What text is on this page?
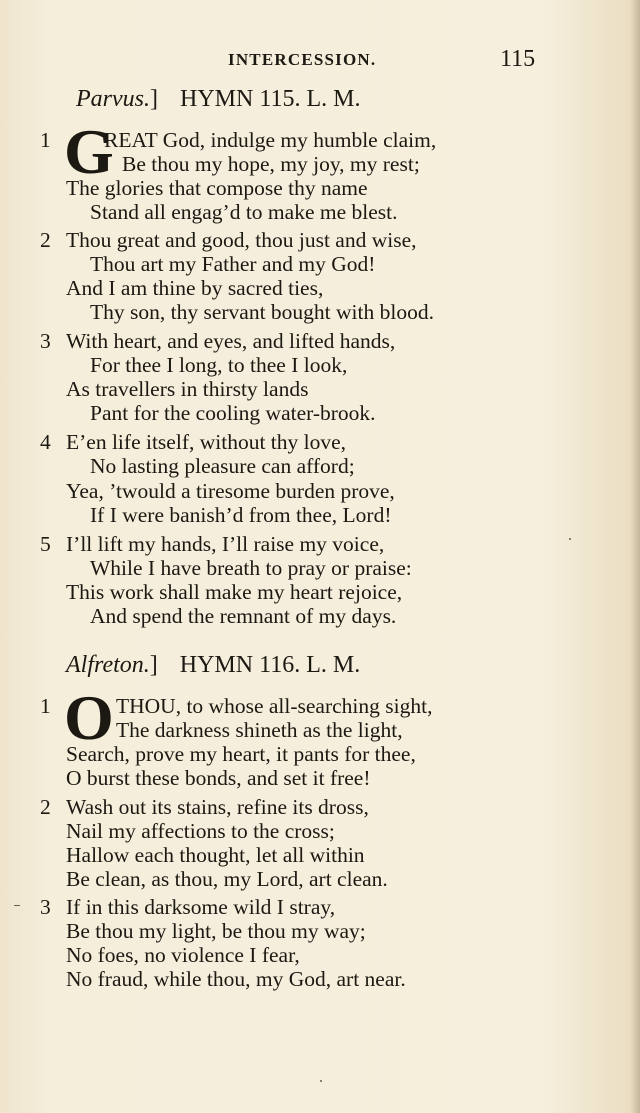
INTERCESSION.	115
Parvus.] HYMN 115. L. M.
G
1 REAT God, indulge my humble claim,
Be thou my hope, my joy, my rest;
The glories that compose thy name
Stand all engag’d to make me blest.
2 Thou great and good, thou just and wise,
Thou art my Father and my God!
And I am thine by sacred ties,
Thy son, thy servant bought with blood.
3 With heart, and eyes, and lifted hands,
For thee I long, to thee I look,
As travellers in thirsty lands
Pant for the cooling water-brook.
4 E’en life itself, without thy love,
No lasting pleasure can afford;
Yea, ’twould a tiresome burden prove,
If I were banish’d from thee, Lord!
5 I’ll lift my hands, I’ll raise my voice,
While I have breath to pray or praise:
This work shall make my heart rejoice,
And spend the remnant of my days.
Alfreton.] HYMN 116. L. M.
O
1	THOU, to whose all-searching sight,
The darkness shineth as the light,
Search, prove my heart, it pants for thee,
O burst these bonds, and set it free!
2 Wash out its stains, refine its dross,
Nail my affections to the cross;
Hallow each thought, let all within
Be clean, as thou, my Lord, art clean.
3 If in this darksome wild I stray,
Be thou my light, be thou my way;
No foes, no violence I fear,
No fraud, while thou, my God, art near.
